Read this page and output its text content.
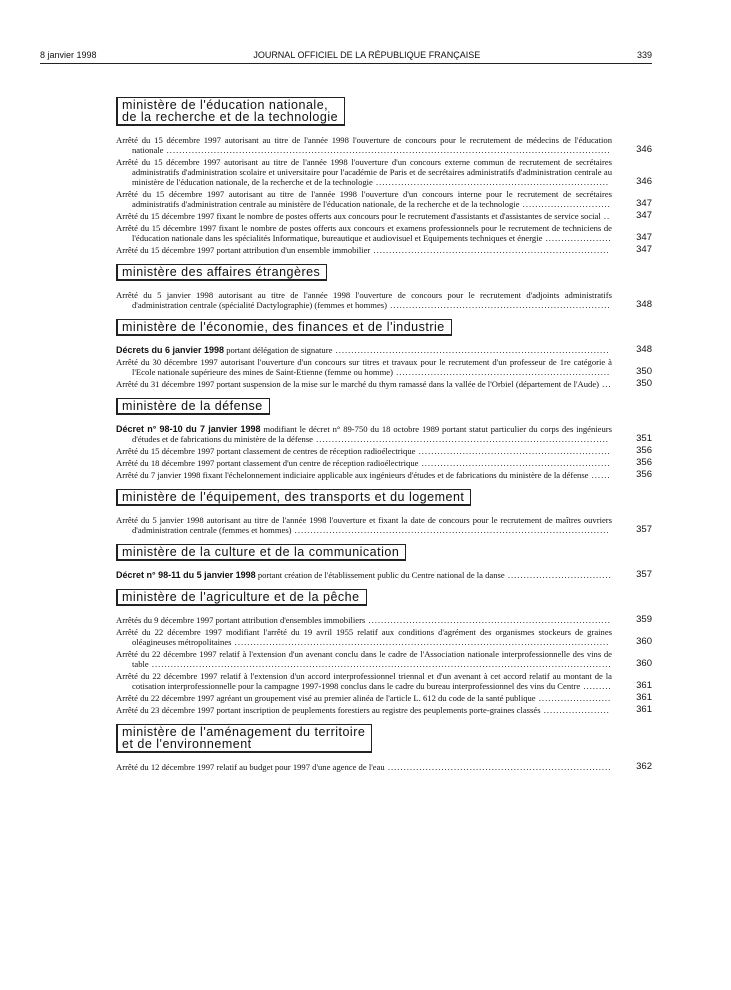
8 janvier 1998	JOURNAL OFFICIEL DE LA RÉPUBLIQUE FRANÇAISE	339
ministère de l'éducation nationale,
de la recherche et de la technologie
Arrêté du 15 décembre 1997 autorisant au titre de l'année 1998 l'ouverture de concours pour le recrutement de médecins de l'éducation nationale .............................................................................................................................................	346
Arrêté du 15 décembre 1997 autorisant au titre de l'année 1998 l'ouverture d'un concours externe commun de recrutement de secrétaires administratifs d'administration scolaire et universitaire pour l'académie de Paris et de secrétaires administratifs d'administration centrale au ministère de l'éducation nationale, de la recherche et de la technologie ..........................................................................	346
Arrêté du 15 décembre 1997 autorisant au titre de l'année 1998 l'ouverture d'un concours interne pour le recrutement de secrétaires administratifs d'administration centrale au ministère de l'éducation nationale, de la recherche et de la technologie ............................	347
Arrêté du 15 décembre 1997 fixant le nombre de postes offerts aux concours pour le recrutement d'assistants et d'assistantes de service social ..	347
Arrêté du 15 décembre 1997 fixant le nombre de postes offerts aux concours et examens professionnels pour le recrutement de techniciens de l'éducation nationale dans les spécialités Informatique, bureautique et audiovisuel et Equipements techniques et énergie .....................	347
Arrêté du 15 décembre 1997 portant attribution d'un ensemble immobilier ...........................................................................	347
ministère des affaires étrangères
Arrêté du 5 janvier 1998 autorisant au titre de l'année 1998 l'ouverture de concours pour le recrutement d'adjoints administratifs d'administration centrale (spécialité Dactylographie) (femmes et hommes) ......................................................................	348
ministère de l'économie, des finances et de l'industrie
Décrets du 6 janvier 1998 portant délégation de signature .......................................................................................	348
Arrêté du 30 décembre 1997 autorisant l'ouverture d'un concours sur titres et travaux pour le recrutement d'un professeur de 1re catégorie à l'Ecole nationale supérieure des mines de Saint-Etienne (femme ou homme) ....................................................................	350
Arrêté du 31 décembre 1997 portant suspension de la mise sur le marché du thym ramassé dans la vallée de l'Orbiel (département de l'Aude) ...	350
ministère de la défense
Décret n° 98-10 du 7 janvier 1998 modifiant le décret n° 89-750 du 18 octobre 1989 portant statut particulier du corps des ingénieurs d'études et de fabrications du ministère de la défense .............................................................................................	351
Arrêté du 15 décembre 1997 portant classement de centres de réception radioélectrique .............................................................	356
Arrêté du 18 décembre 1997 portant classement d'un centre de réception radioélectrique ............................................................	356
Arrêté du 7 janvier 1998 fixant l'échelonnement indiciaire applicable aux ingénieurs d'études et de fabrications du ministère de la défense ......	356
ministère de l'équipement, des transports et du logement
Arrêté du 5 janvier 1998 autorisant au titre de l'année 1998 l'ouverture et fixant la date de concours pour le recrutement de maîtres ouvriers d'administration centrale (femmes et hommes) ....................................................................................................	357
ministère de la culture et de la communication
Décret n° 98-11 du 5 janvier 1998 portant création de l'établissement public du Centre national de la danse .................................	357
ministère de l'agriculture et de la pêche
Arrêtés du 9 décembre 1997 portant attribution d'ensembles immobiliers .............................................................................	359
Arrêté du 22 décembre 1997 modifiant l'arrêté du 19 avril 1955 relatif aux conditions d'agrément des organismes stockeurs de graines oléagineuses métropolitaines .......................................................................................................................	360
Arrêté du 22 décembre 1997 relatif à l'extension d'un avenant conclu dans le cadre de l'Association nationale interprofessionnelle des vins de table ..................................................................................................................................................	360
Arrêté du 22 décembre 1997 relatif à l'extension d'un accord interprofessionnel triennal et d'un avenant à cet accord relatif au montant de la cotisation interprofessionnelle pour la campagne 1997-1998 conclus dans le cadre du bureau interprofessionnel des vins du Centre .........	361
Arrêté du 22 décembre 1997 agréant un groupement visé au premier alinéa de l'article L. 612 du code de la santé publique .......................	361
Arrêté du 23 décembre 1997 portant inscription de peuplements forestiers au registre des peuplements porte-graines classés .....................	361
ministère de l'aménagement du territoire
et de l'environnement
Arrêté du 12 décembre 1997 relatif au budget pour 1997 d'une agence de l'eau .......................................................................	362
